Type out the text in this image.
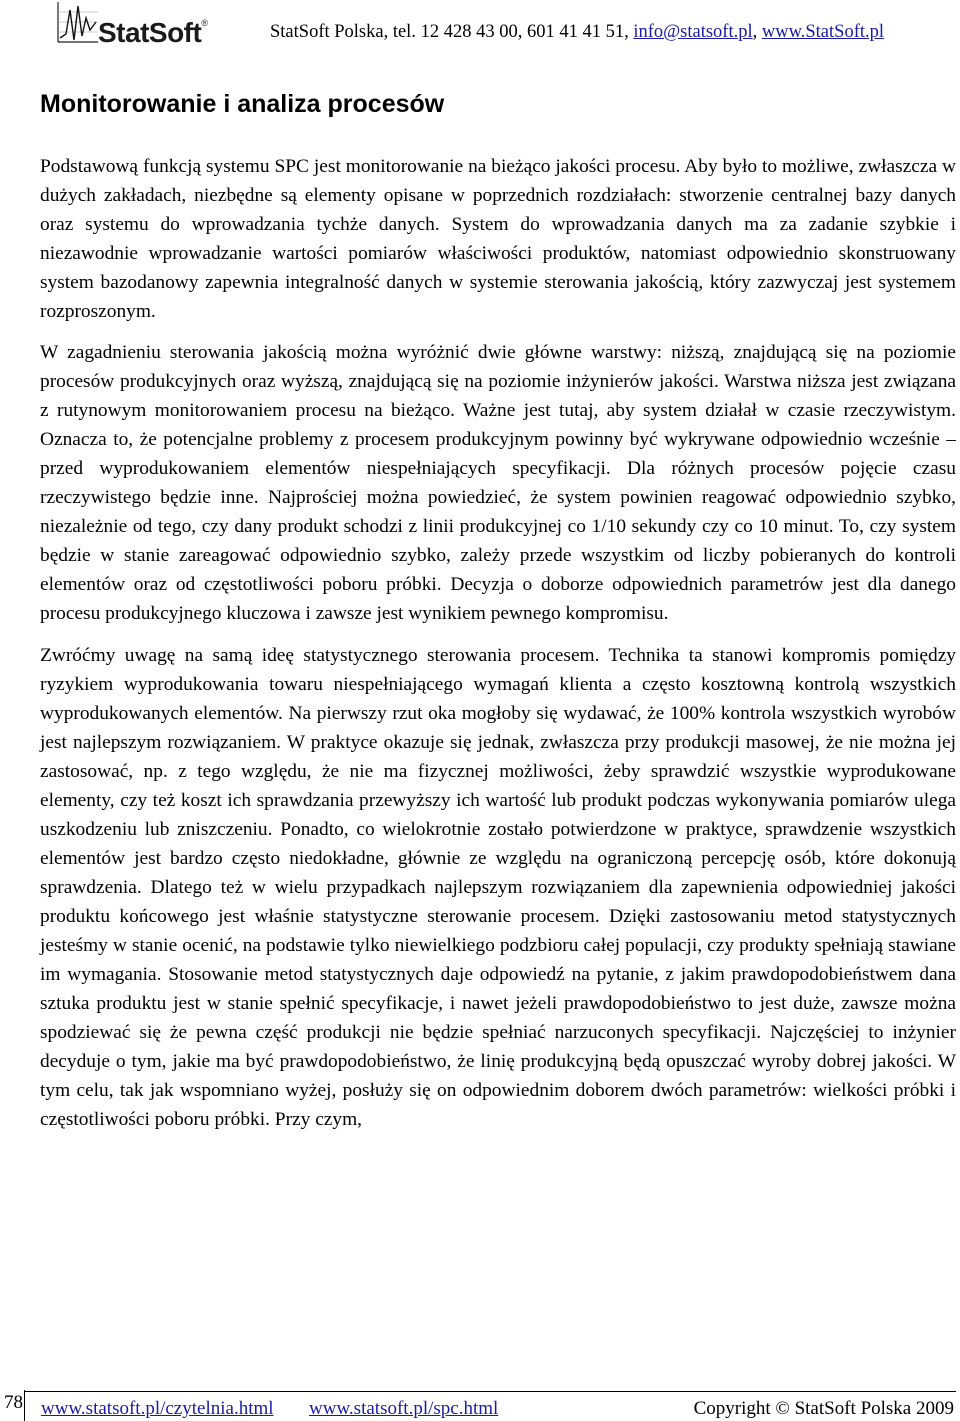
StatSoft®	StatSoft Polska, tel. 12 428 43 00, 601 41 41 51, info@statsoft.pl, www.StatSoft.pl
Monitorowanie i analiza procesów

Podstawową funkcją systemu SPC jest monitorowanie na bieżąco jakości procesu. Aby było to możliwe, zwłaszcza w dużych zakładach, niezbędne są elementy opisane w poprzednich rozdziałach: stworzenie centralnej bazy danych oraz systemu do wprowadzania tychże danych. System do wprowadzania danych ma za zadanie szybkie i niezawodnie wprowadzanie wartości pomiarów właściwości produktów, natomiast odpowiednio skonstruowany system bazodanowy zapewnia integralność danych w systemie sterowania jakością, który zazwyczaj jest systemem rozproszonym.

W zagadnieniu sterowania jakością można wyróżnić dwie główne warstwy: niższą, znajdującą się na poziomie procesów produkcyjnych oraz wyższą, znajdującą się na poziomie inżynierów jakości. Warstwa niższa jest związana z rutynowym monitorowaniem procesu na bieżąco. Ważne jest tutaj, aby system działał w czasie rzeczywistym. Oznacza to, że potencjalne problemy z procesem produkcyjnym powinny być wykrywane odpowiednio wcześnie – przed wyprodukowaniem elementów niespełniających specyfikacji. Dla różnych procesów pojęcie czasu rzeczywistego będzie inne. Najprościej można powiedzieć, że system powinien reagować odpowiednio szybko, niezależnie od tego, czy dany produkt schodzi z linii produkcyjnej co 1/10 sekundy czy co 10 minut. To, czy system będzie w stanie zareagować odpowiednio szybko, zależy przede wszystkim od liczby pobieranych do kontroli elementów oraz od częstotliwości poboru próbki. Decyzja o doborze odpowiednich parametrów jest dla danego procesu produkcyjnego kluczowa i zawsze jest wynikiem pewnego kompromisu.

Zwróćmy uwagę na samą ideę statystycznego sterowania procesem. Technika ta stanowi kompromis pomiędzy ryzykiem wyprodukowania towaru niespełniającego wymagań klienta a często kosztowną kontrolą wszystkich wyprodukowanych elementów. Na pierwszy rzut oka mogłoby się wydawać, że 100% kontrola wszystkich wyrobów jest najlepszym rozwiązaniem. W praktyce okazuje się jednak, zwłaszcza przy produkcji masowej, że nie można jej zastosować, np. z tego względu, że nie ma fizycznej możliwości, żeby sprawdzić wszystkie wyprodukowane elementy, czy też koszt ich sprawdzania przewyższy ich wartość lub produkt podczas wykonywania pomiarów ulega uszkodzeniu lub zniszczeniu. Ponadto, co wielokrotnie zostało potwierdzone w praktyce, sprawdzenie wszystkich elementów jest bardzo często niedokładne, głównie ze względu na ograniczoną percepcję osób, które dokonują sprawdzenia. Dlatego też w wielu przypadkach najlepszym rozwiązaniem dla zapewnienia odpowiedniej jakości produktu końcowego jest właśnie statystyczne sterowanie procesem. Dzięki zastosowaniu metod statystycznych jesteśmy w stanie ocenić, na podstawie tylko niewielkiego podzbioru całej populacji, czy produkty spełniają stawiane im wymagania. Stosowanie metod statystycznych daje odpowiedź na pytanie, z jakim prawdopodobieństwem dana sztuka produktu jest w stanie spełnić specyfikacje, i nawet jeżeli prawdopodobieństwo to jest duże, zawsze można spodziewać się że pewna część produkcji nie będzie spełniać narzuconych specyfikacji. Najczęściej to inżynier decyduje o tym, jakie ma być prawdopodobieństwo, że linię produkcyjną będą opuszczać wyroby dobrej jakości. W tym celu, tak jak wspomniano wyżej, posłuży się on odpowiednim doborem dwóch parametrów: wielkości próbki i częstotliwości poboru próbki. Przy czym,

78 www.statsoft.pl/czytelnia.html www.statsoft.pl/spc.html	Copyright © StatSoft Polska 2009
